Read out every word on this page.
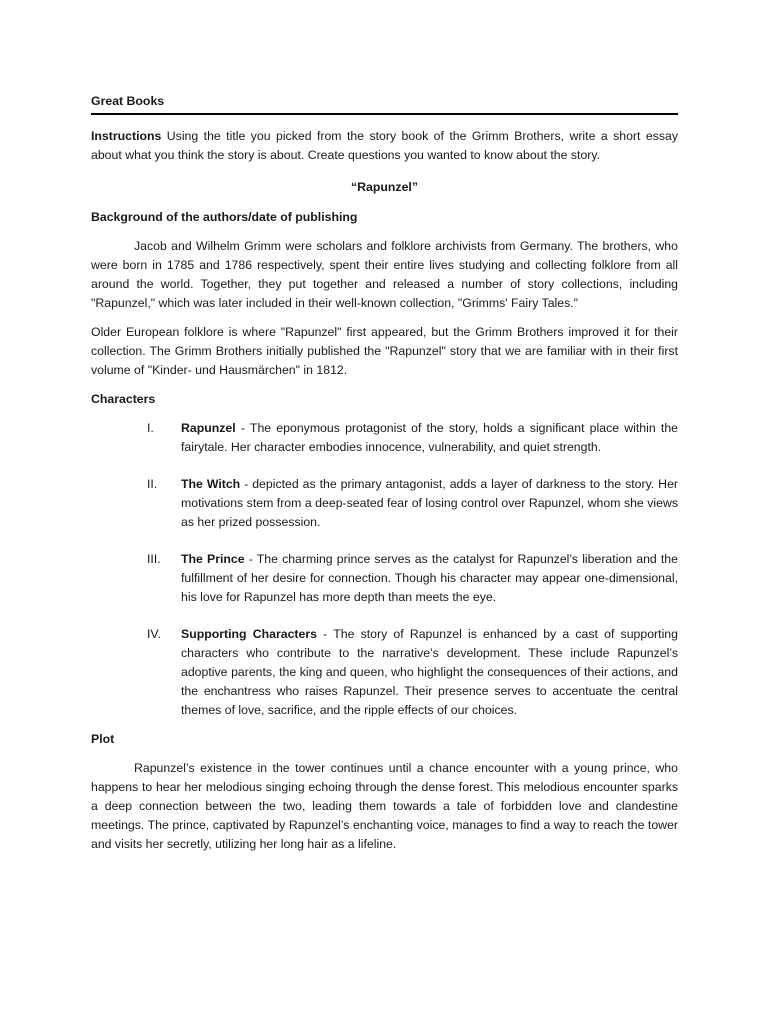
Great Books

Instructions Using the title you picked from the story book of the Grimm Brothers, write a short essay about what you think the story is about. Create questions you wanted to know about the story.

“Rapunzel”

Background of the authors/date of publishing

Jacob and Wilhelm Grimm were scholars and folklore archivists from Germany. The brothers, who were born in 1785 and 1786 respectively, spent their entire lives studying and collecting folklore from all around the world. Together, they put together and released a number of story collections, including "Rapunzel," which was later included in their well-known collection, "Grimms' Fairy Tales."

Older European folklore is where "Rapunzel" first appeared, but the Grimm Brothers improved it for their collection. The Grimm Brothers initially published the "Rapunzel" story that we are familiar with in their first volume of "Kinder- und Hausmärchen" in 1812.

Characters

I. Rapunzel - The eponymous protagonist of the story, holds a significant place within the fairytale. Her character embodies innocence, vulnerability, and quiet strength.
II. The Witch - depicted as the primary antagonist, adds a layer of darkness to the story. Her motivations stem from a deep-seated fear of losing control over Rapunzel, whom she views as her prized possession.
III. The Prince - The charming prince serves as the catalyst for Rapunzel’s liberation and the fulfillment of her desire for connection. Though his character may appear one-dimensional, his love for Rapunzel has more depth than meets the eye.
IV. Supporting Characters - The story of Rapunzel is enhanced by a cast of supporting characters who contribute to the narrative’s development. These include Rapunzel’s adoptive parents, the king and queen, who highlight the consequences of their actions, and the enchantress who raises Rapunzel. Their presence serves to accentuate the central themes of love, sacrifice, and the ripple effects of our choices.

Plot

Rapunzel’s existence in the tower continues until a chance encounter with a young prince, who happens to hear her melodious singing echoing through the dense forest. This melodious encounter sparks a deep connection between the two, leading them towards a tale of forbidden love and clandestine meetings. The prince, captivated by Rapunzel’s enchanting voice, manages to find a way to reach the tower and visits her secretly, utilizing her long hair as a lifeline.
